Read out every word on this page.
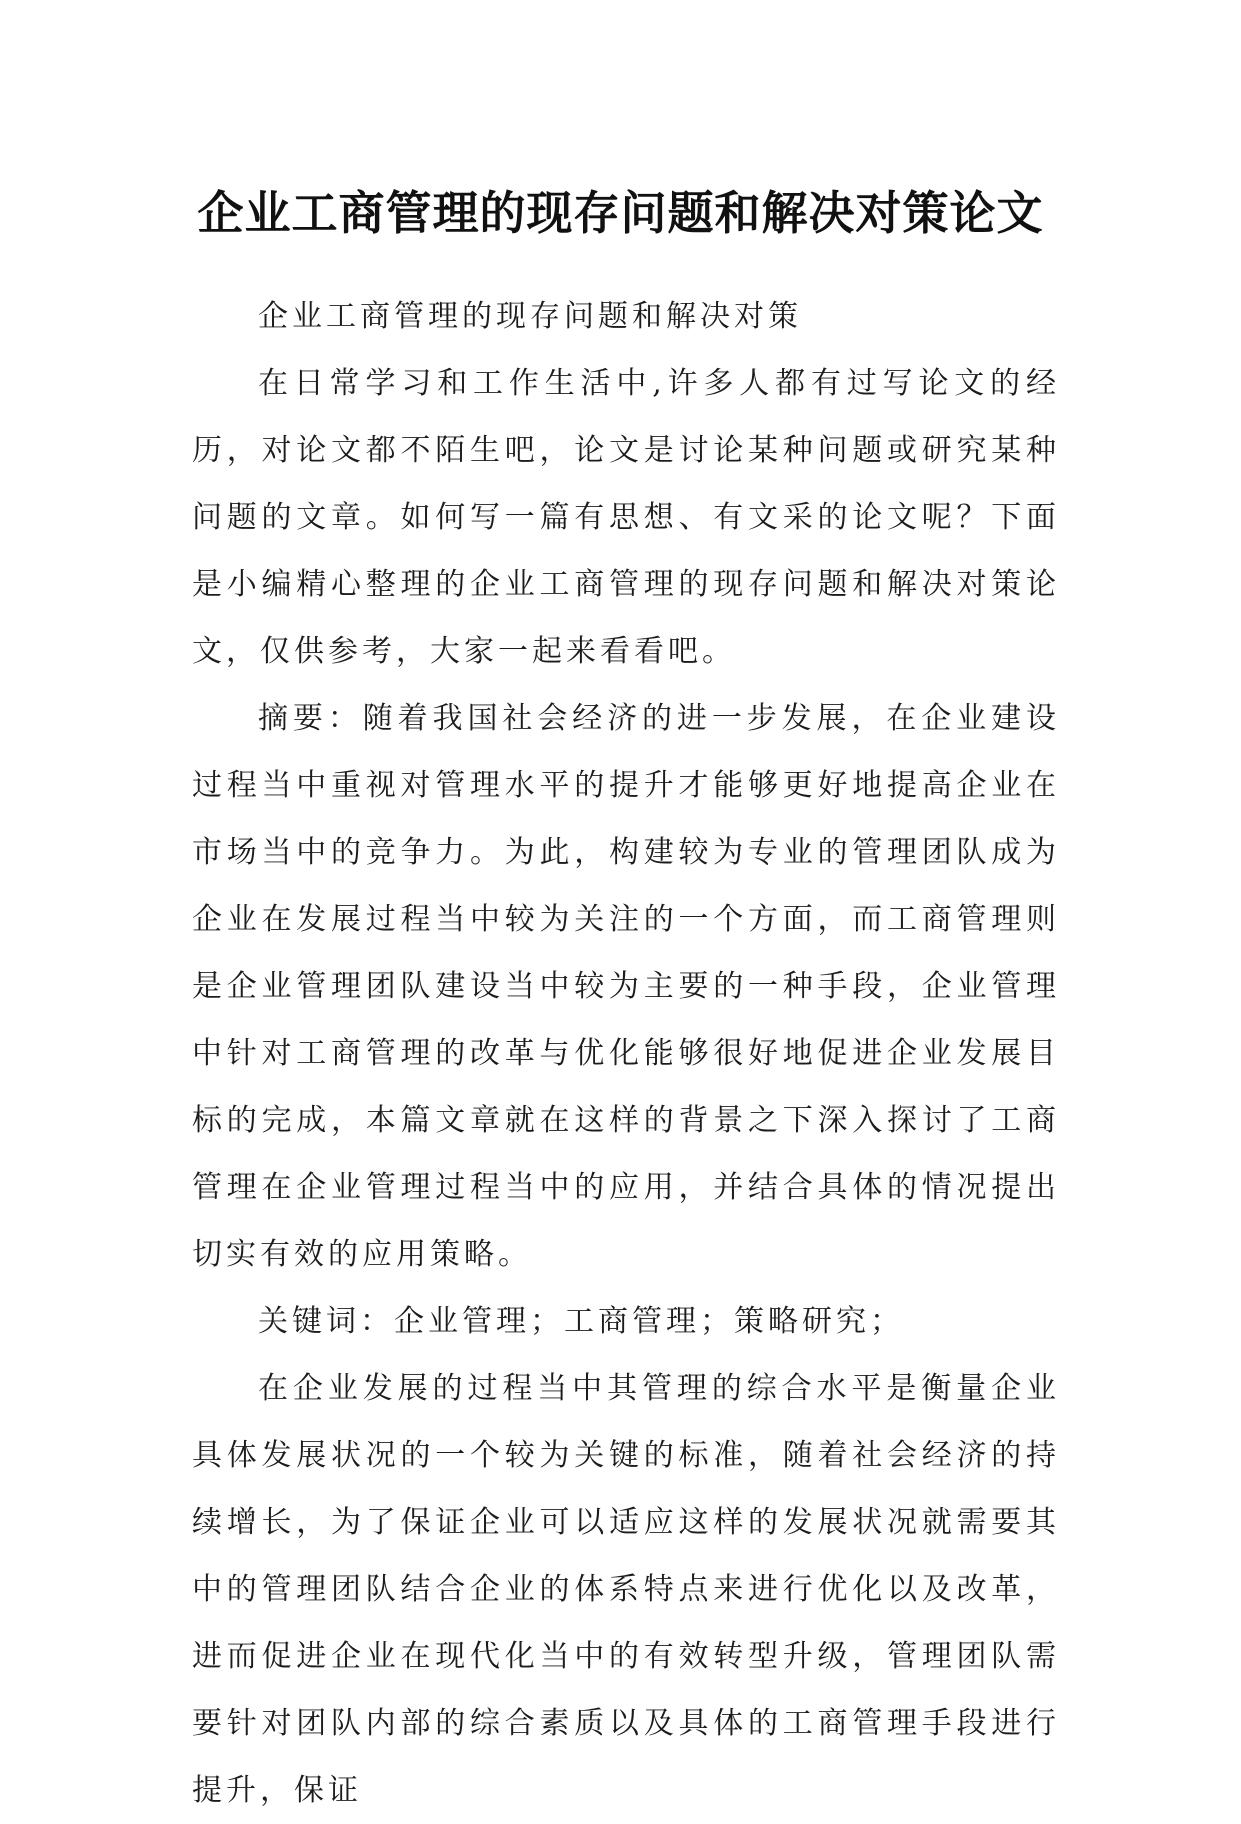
企业工商管理的现存问题和解决对策论文

企业工商管理的现存问题和解决对策

在日常学习和工作生活中,许多人都有过写论文的经历，对论文都不陌生吧，论文是讨论某种问题或研究某种问题的文章。如何写一篇有思想、有文采的论文呢？下面是小编精心整理的企业工商管理的现存问题和解决对策论文，仅供参考，大家一起来看看吧。

摘要：随着我国社会经济的进一步发展，在企业建设过程当中重视对管理水平的提升才能够更好地提高企业在市场当中的竞争力。为此，构建较为专业的管理团队成为企业在发展过程当中较为关注的一个方面，而工商管理则是企业管理团队建设当中较为主要的一种手段，企业管理中针对工商管理的改革与优化能够很好地促进企业发展目标的完成，本篇文章就在这样的背景之下深入探讨了工商管理在企业管理过程当中的应用，并结合具体的情况提出切实有效的应用策略。

关键词：企业管理；工商管理；策略研究；

在企业发展的过程当中其管理的综合水平是衡量企业具体发展状况的一个较为关键的标准，随着社会经济的持续增长，为了保证企业可以适应这样的发展状况就需要其中的管理团队结合企业的体系特点来进行优化以及改革，进而促进企业在现代化当中的有效转型升级，管理团队需要针对团队内部的综合素质以及具体的工商管理手段进行提升，保证
